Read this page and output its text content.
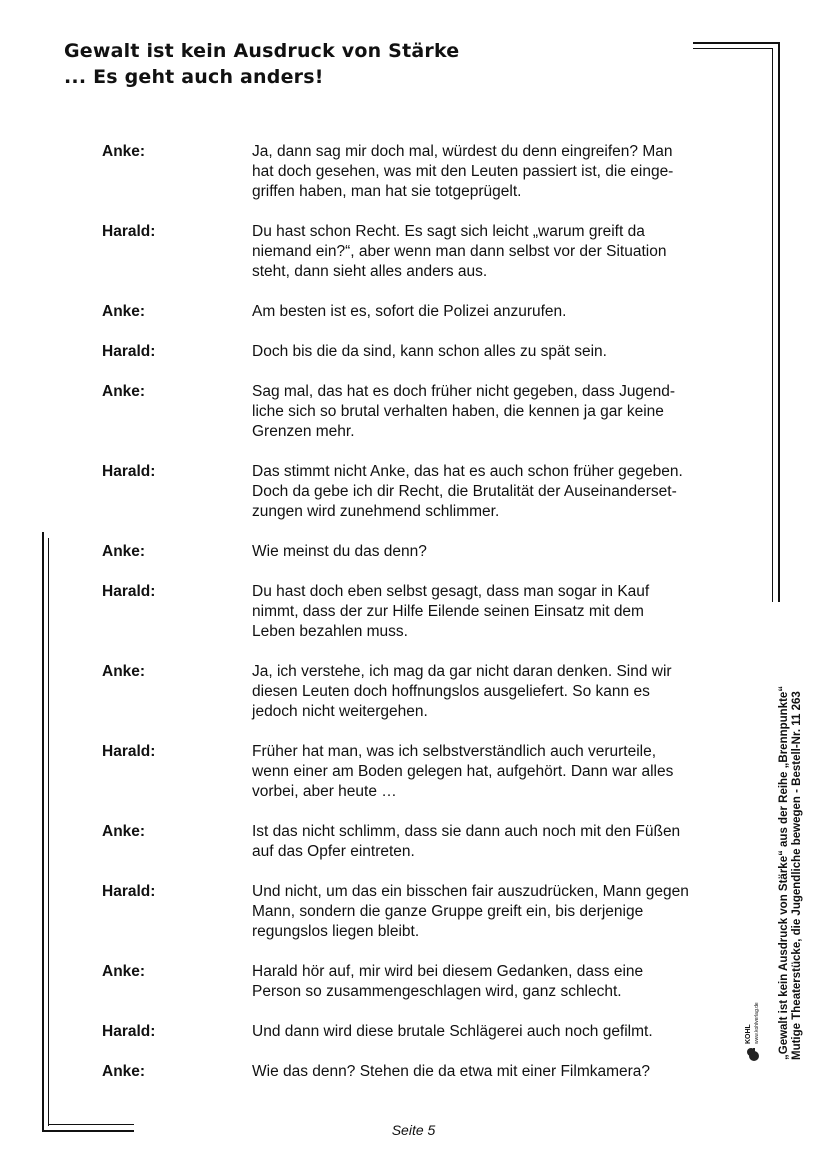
Gewalt ist kein Ausdruck von Stärke
... Es geht auch anders!
Anke:	Ja, dann sag mir doch mal, würdest du denn eingreifen? Man
hat doch gesehen, was mit den Leuten passiert ist, die einge-
griffen haben, man hat sie totgeprügelt.
Harald:	Du hast schon Recht. Es sagt sich leicht „warum greift da
niemand ein?“, aber wenn man dann selbst vor der Situation
steht, dann sieht alles anders aus.
Anke:	Am besten ist es, sofort die Polizei anzurufen.
Harald:	Doch bis die da sind, kann schon alles zu spät sein.
Anke:	Sag mal, das hat es doch früher nicht gegeben, dass Jugend-
liche sich so brutal verhalten haben, die kennen ja gar keine
Grenzen mehr.
Harald:	Das stimmt nicht Anke, das hat es auch schon früher gegeben.
Doch da gebe ich dir Recht, die Brutalität der Auseinanderset-
zungen wird zunehmend schlimmer.
Anke:	Wie meinst du das denn?
Harald:	Du hast doch eben selbst gesagt, dass man sogar in Kauf
nimmt, dass der zur Hilfe Eilende seinen Einsatz mit dem
Leben bezahlen muss.
Anke:	Ja, ich verstehe, ich mag da gar nicht daran denken. Sind wir
diesen Leuten doch hoffnungslos ausgeliefert. So kann es
jedoch nicht weitergehen.
Harald:	Früher hat man, was ich selbstverständlich auch verurteile,
wenn einer am Boden gelegen hat, aufgehört. Dann war alles
vorbei, aber heute …
Anke:	Ist das nicht schlimm, dass sie dann auch noch mit den Füßen
auf das Opfer eintreten.
Harald:	Und nicht, um das ein bisschen fair auszudrücken, Mann gegen
Mann, sondern die ganze Gruppe greift ein, bis derjenige
regungslos liegen bleibt.
Anke:	Harald hör auf, mir wird bei diesem Gedanken, dass eine
Person so zusammengeschlagen wird, ganz schlecht.
Harald:	Und dann wird diese brutale Schlägerei auch noch gefilmt.
Anke:	Wie das denn? Stehen die da etwa mit einer Filmkamera?
„Gewalt ist kein Ausdruck von Stärke“ aus der Reihe „Brennpunkte“ Mutige Theaterstücke, die Jugendliche bewegen - Bestell-Nr. 11 263
KOHL www.kohlverlag.de
Seite 5
